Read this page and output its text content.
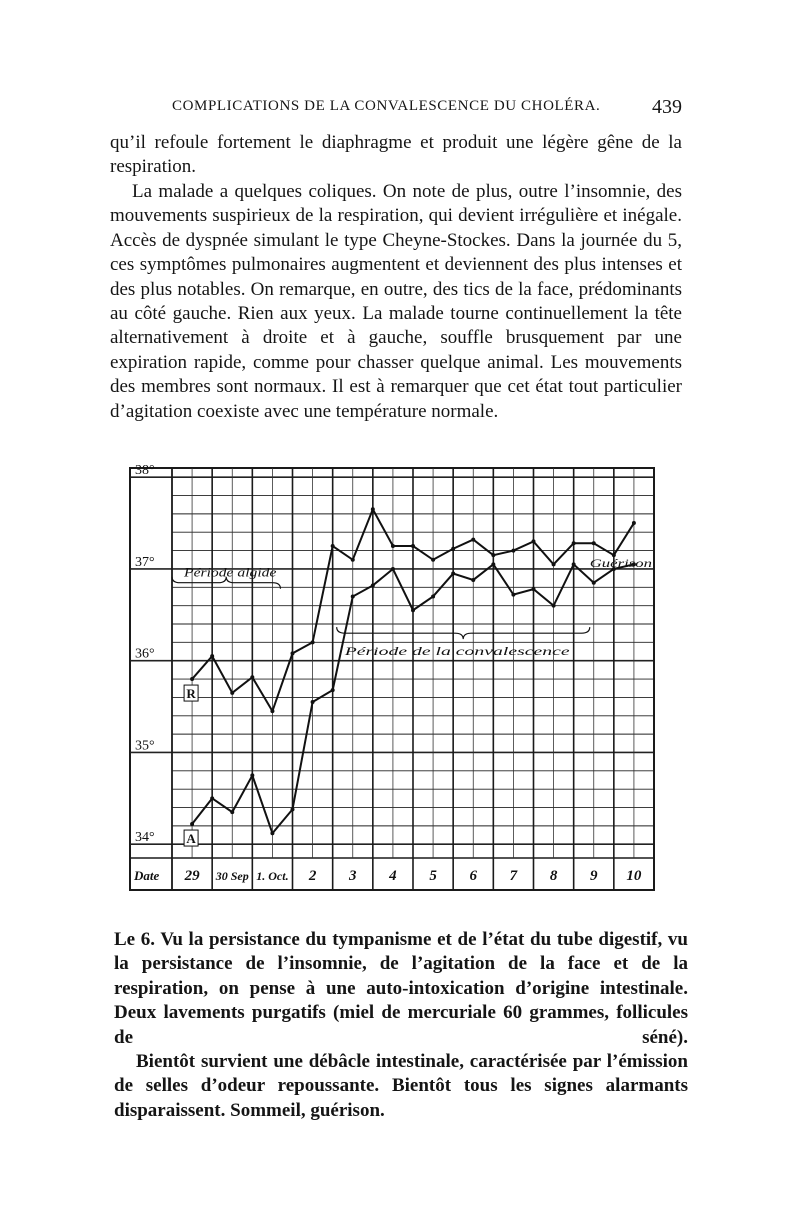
COMPLICATIONS DE LA CONVALESCENCE DU CHOLÉRA.	439

qu’il refoule fortement le diaphragme et produit une légère gêne de la respiration.

La malade a quelques coliques. On note de plus, outre l’insomnie, des mouvements suspirieux de la respiration, qui devient irrégulière et inégale. Accès de dyspnée simulant le type Cheyne-Stockes. Dans la journée du 5, ces symptômes pulmonaires augmentent et deviennent des plus intenses et des plus notables. On remarque, en outre, des tics de la face, prédominants au côté gauche. Rien aux yeux. La malade tourne continuellement la tête alternativement à droite et à gauche, souffle brusquement par une expiration rapide, comme pour chasser quelque animal. Les mouvements des membres sont normaux. Il est à remarquer que cet état tout particulier d’agitation coexiste avec une température normale.

38°
37°
36°
35°
34°
Date 29 30 Sep 1. Oct. 2 3 4 5 6 7 8 9 10
R
A
Période algide
Période de la convalescence
Guérison

Le 6. Vu la persistance du tympanisme et de l’état du tube digestif, vu la persistance de l’insomnie, de l’agitation de la face et de la respiration, on pense à une auto-intoxication d’origine intestinale. Deux lavements purgatifs (miel de mercuriale 60 grammes, follicules de séné).

Bientôt survient une débâcle intestinale, caractérisée par l’émission de selles d’odeur repoussante. Bientôt tous les signes alarmants disparaissent. Sommeil, guérison.
